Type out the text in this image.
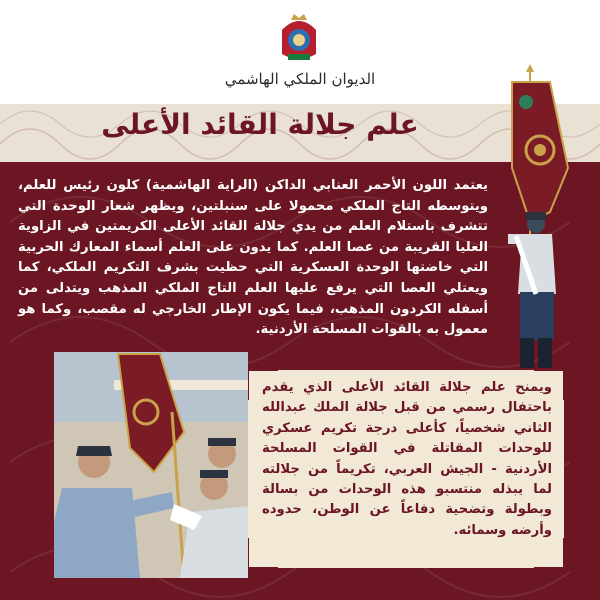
الديوان الملكي الهاشمي
علم جلالة القائد الأعلى
يعتمد اللون الأحمر العنابي الداكن (الراية الهاشمية) كلون رئيس للعلم، ويتوسطه التاج الملكي محمولا على سنبلتين، ويظهر شعار الوحدة التي تتشرف باستلام العلم من يدي جلالة القائد الأعلى الكريمتين في الزاوية العليا القريبة من عصا العلم. كما يدون على العلم أسماء المعارك الحربية التي خاضتها الوحدة العسكرية التي حظيت بشرف التكريم الملكي، كما ويعتلي العصا التي يرفع عليها العلم التاج الملكي المذهب ويتدلى من أسفله الكردون المذهب، فيما يكون الإطار الخارجي له مقصب، وكما هو معمول به بالقوات المسلحة الأردنية.
ويمنح علم جلالة القائد الأعلى الذي يقدم باحتفال رسمي من قبل جلالة الملك عبدالله الثاني شخصياً، كأعلى درجة تكريم عسكري للوحدات المقاتلة في القوات المسلحة الأردنية - الجيش العربي، تكريماً من جلالته لما يبذله منتسبو هذه الوحدات من بسالة وبطولة وتضحية دفاعاً عن الوطن، حدوده وأرضه وسمائه.
